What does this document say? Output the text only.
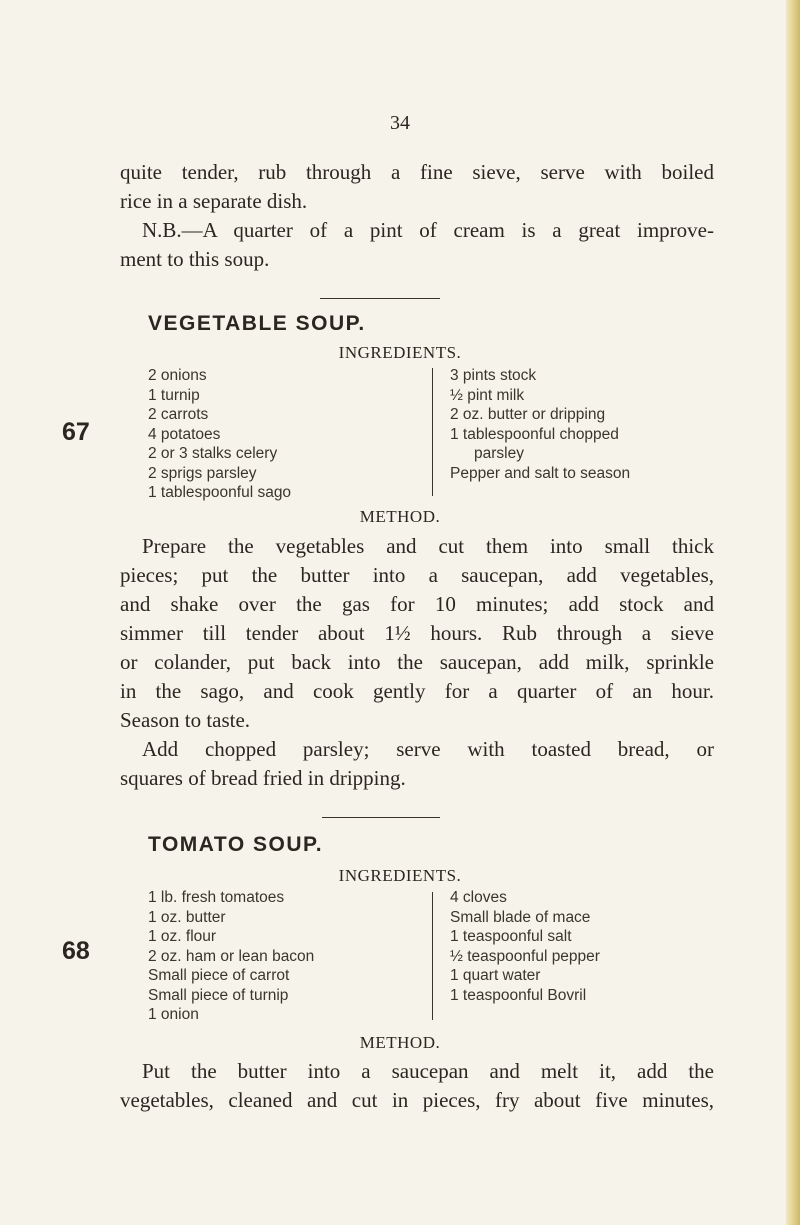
34

quite tender, rub through a fine sieve, serve with boiled

rice in a separate dish.

N.B.—A quarter of a pint of cream is a great improve-

ment to this soup.

VEGETABLE SOUP.
INGREDIENTS.
67
2 onions
1 turnip
2 carrots
4 potatoes
2 or 3 stalks celery
2 sprigs parsley
1 tablespoonful sago
3 pints stock
½ pint milk
2 oz. butter or dripping
1 tablespoonful chopped
parsley
Pepper and salt to season
METHOD.

Prepare the vegetables and cut them into small thick

pieces; put the butter into a saucepan, add vegetables,

and shake over the gas for 10 minutes; add stock and

simmer till tender about 1½ hours. Rub through a sieve

or colander, put back into the saucepan, add milk, sprinkle

in the sago, and cook gently for a quarter of an hour.

Season to taste.

Add chopped parsley; serve with toasted bread, or

squares of bread fried in dripping.

TOMATO SOUP.
INGREDIENTS.
68
1 lb. fresh tomatoes
1 oz. butter
1 oz. flour
2 oz. ham or lean bacon
Small piece of carrot
Small piece of turnip
1 onion
4 cloves
Small blade of mace
1 teaspoonful salt
½ teaspoonful pepper
1 quart water
1 teaspoonful Bovril
METHOD.

Put the butter into a saucepan and melt it, add the

vegetables, cleaned and cut in pieces, fry about five minutes,
